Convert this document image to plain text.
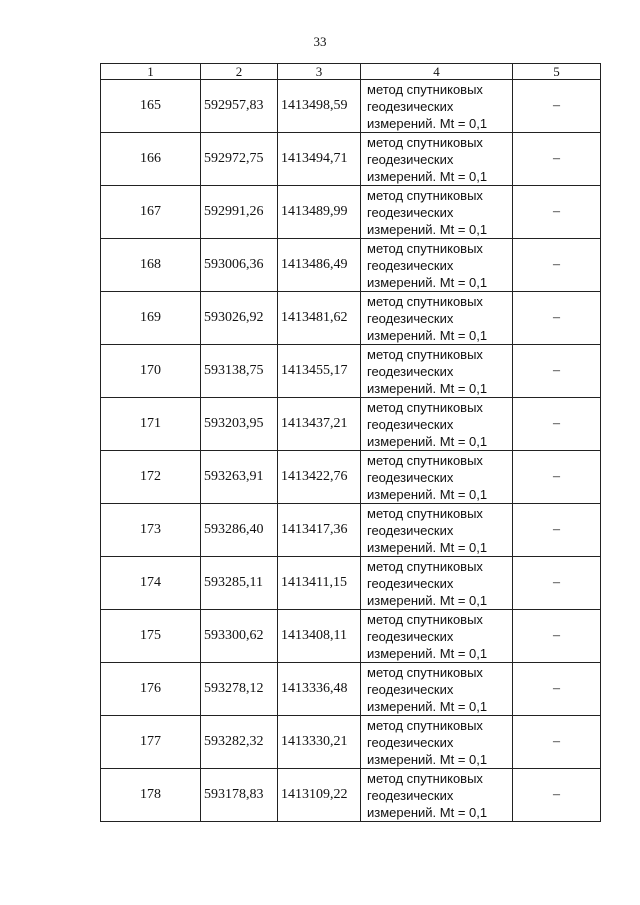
33
1	2	3	4	5
165	592957,83	1413498,59	метод спутниковых
геодезических
измерений. Mt = 0,1	–
166	592972,75	1413494,71	метод спутниковых
геодезических
измерений. Mt = 0,1	–
167	592991,26	1413489,99	метод спутниковых
геодезических
измерений. Mt = 0,1	–
168	593006,36	1413486,49	метод спутниковых
геодезических
измерений. Mt = 0,1	–
169	593026,92	1413481,62	метод спутниковых
геодезических
измерений. Mt = 0,1	–
170	593138,75	1413455,17	метод спутниковых
геодезических
измерений. Mt = 0,1	–
171	593203,95	1413437,21	метод спутниковых
геодезических
измерений. Mt = 0,1	–
172	593263,91	1413422,76	метод спутниковых
геодезических
измерений. Mt = 0,1	–
173	593286,40	1413417,36	метод спутниковых
геодезических
измерений. Mt = 0,1	–
174	593285,11	1413411,15	метод спутниковых
геодезических
измерений. Mt = 0,1	–
175	593300,62	1413408,11	метод спутниковых
геодезических
измерений. Mt = 0,1	–
176	593278,12	1413336,48	метод спутниковых
геодезических
измерений. Mt = 0,1	–
177	593282,32	1413330,21	метод спутниковых
геодезических
измерений. Mt = 0,1	–
178	593178,83	1413109,22	метод спутниковых
геодезических
измерений. Mt = 0,1	–
